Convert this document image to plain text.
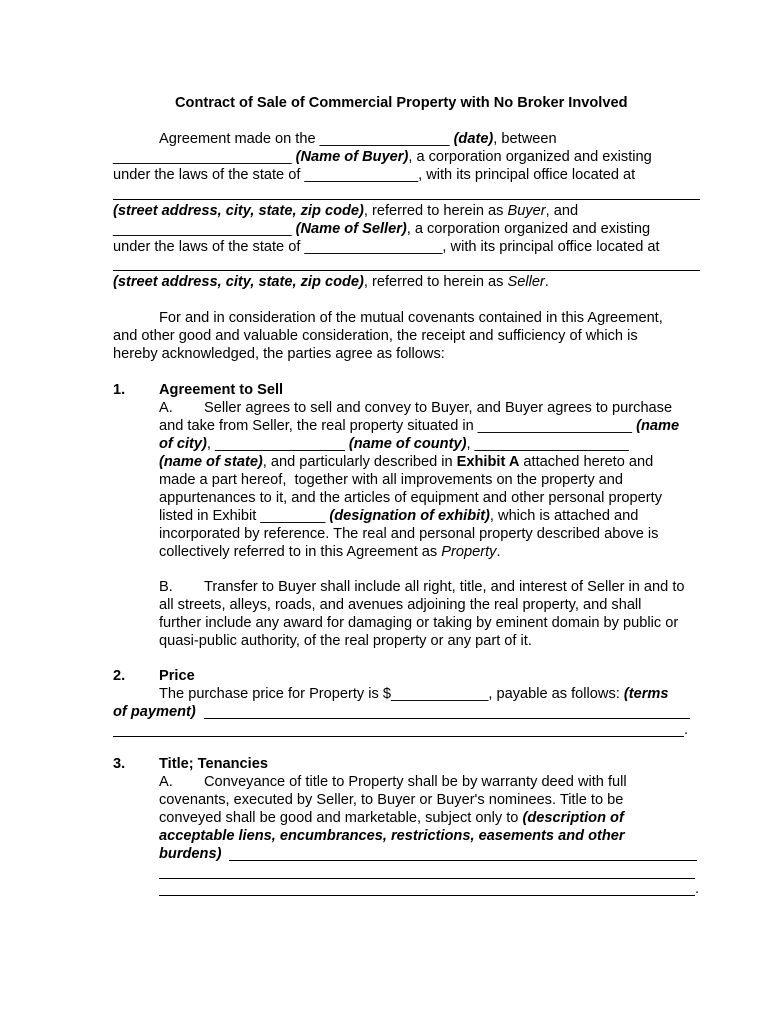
Contract of Sale of Commercial Property with No Broker Involved
Agreement made on the ________________ (date), between
______________________ (Name of Buyer), a corporation organized and existing
under the laws of the state of ______________, with its principal office located at
(street address, city, state, zip code), referred to herein as Buyer, and
______________________ (Name of Seller), a corporation organized and existing
under the laws of the state of _________________, with its principal office located at
(street address, city, state, zip code), referred to herein as Seller.
For and in consideration of the mutual covenants contained in this Agreement,
and other good and valuable consideration, the receipt and sufficiency of which is
hereby acknowledged, the parties agree as follows:
1. Agreement to Sell
A. Seller agrees to sell and convey to Buyer, and Buyer agrees to purchase
and take from Seller, the real property situated in ___________________ (name
of city), ________________ (name of county), ___________________
(name of state), and particularly described in Exhibit A attached hereto and
made a part hereof,  together with all improvements on the property and
appurtenances to it, and the articles of equipment and other personal property
listed in Exhibit ________ (designation of exhibit), which is attached and
incorporated by reference. The real and personal property described above is
collectively referred to in this Agreement as Property.
B. Transfer to Buyer shall include all right, title, and interest of Seller in and to
all streets, alleys, roads, and avenues adjoining the real property, and shall
further include any award for damaging or taking by eminent domain by public or
quasi-public authority, of the real property or any part of it.
2. Price
The purchase price for Property is $____________, payable as follows: (terms
of payment)
.
3. Title; Tenancies
A. Conveyance of title to Property shall be by warranty deed with full
covenants, executed by Seller, to Buyer or Buyer's nominees. Title to be
conveyed shall be good and marketable, subject only to (description of
acceptable liens, encumbrances, restrictions, easements and other
burdens)
.
